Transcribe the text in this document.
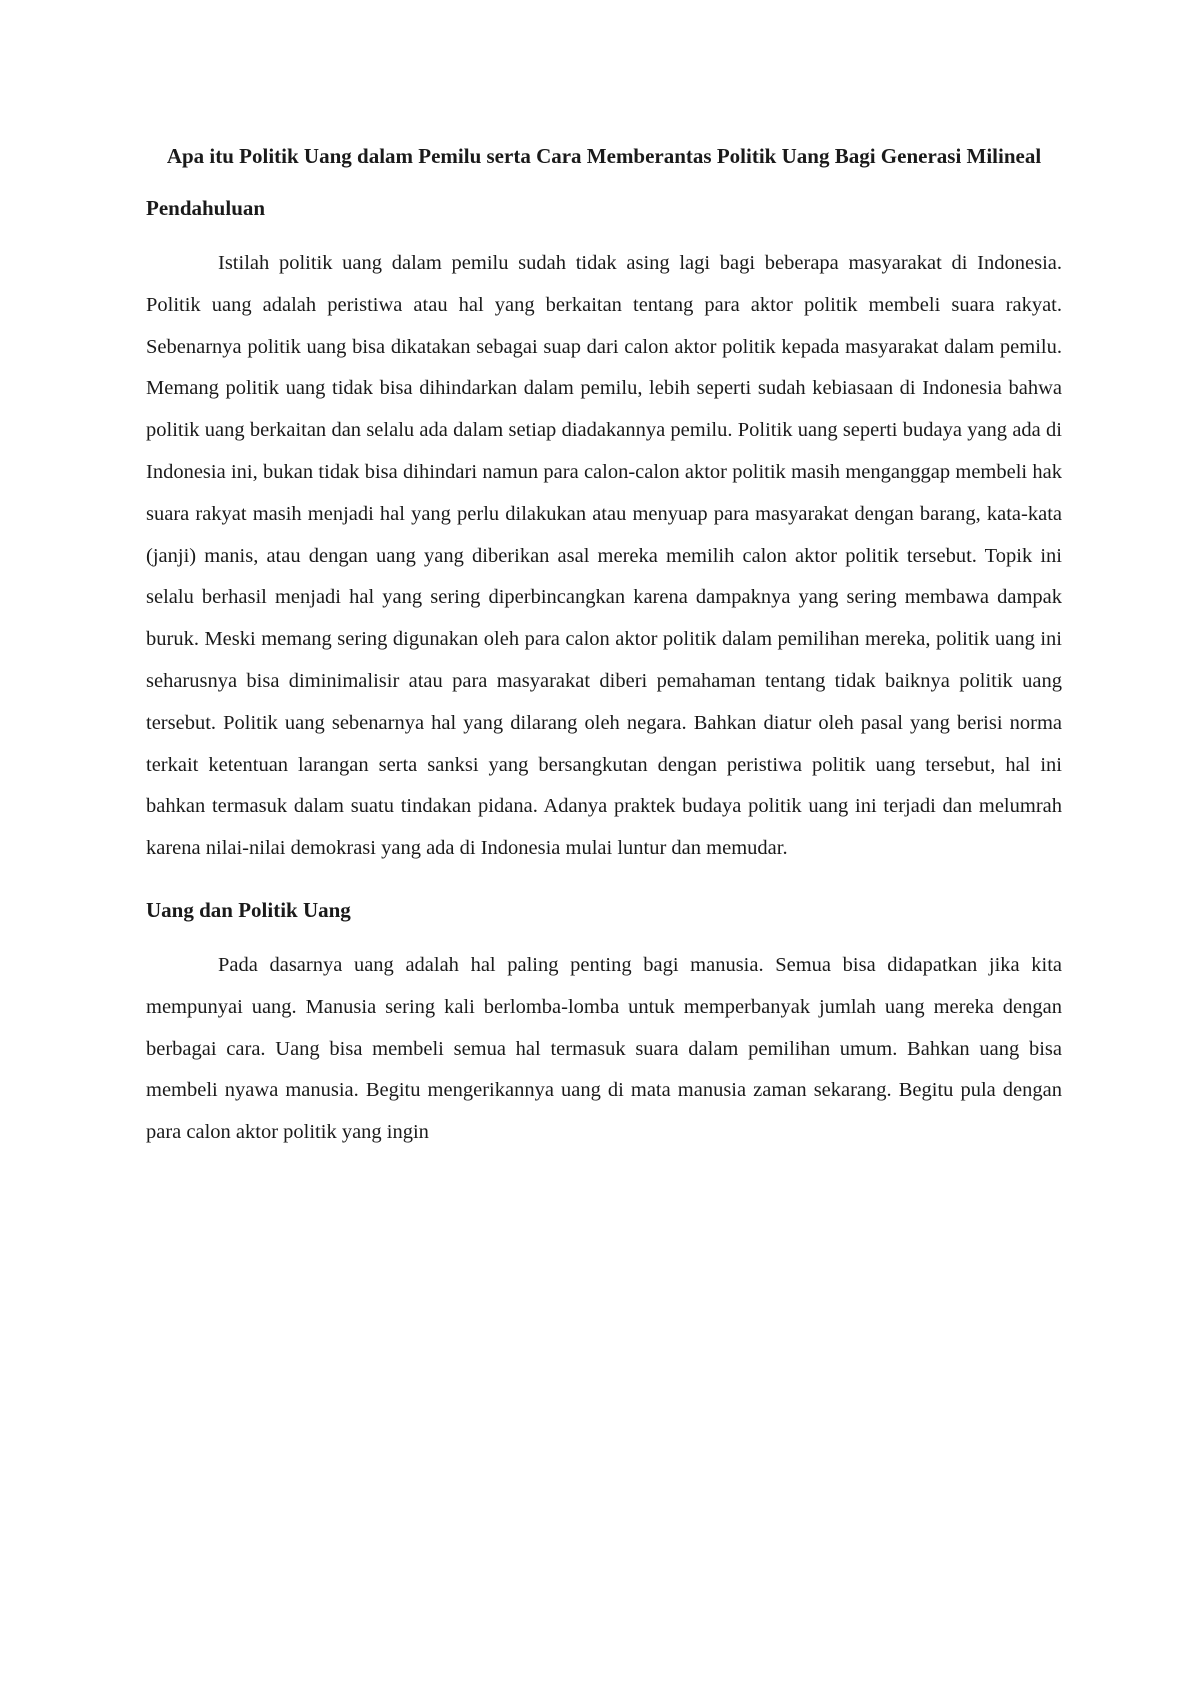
Apa itu Politik Uang dalam Pemilu serta Cara Memberantas Politik Uang Bagi Generasi Milineal
Pendahuluan

Istilah politik uang dalam pemilu sudah tidak asing lagi bagi beberapa masyarakat di Indonesia. Politik uang adalah peristiwa atau hal yang berkaitan tentang para aktor politik membeli suara rakyat. Sebenarnya politik uang bisa dikatakan sebagai suap dari calon aktor politik kepada masyarakat dalam pemilu. Memang politik uang tidak bisa dihindarkan dalam pemilu, lebih seperti sudah kebiasaan di Indonesia bahwa politik uang berkaitan dan selalu ada dalam setiap diadakannya pemilu. Politik uang seperti budaya yang ada di Indonesia ini, bukan tidak bisa dihindari namun para calon-calon aktor politik masih menganggap membeli hak suara rakyat masih menjadi hal yang perlu dilakukan atau menyuap para masyarakat dengan barang, kata-kata (janji) manis, atau dengan uang yang diberikan asal mereka memilih calon aktor politik tersebut. Topik ini selalu berhasil menjadi hal yang sering diperbincangkan karena dampaknya yang sering membawa dampak buruk. Meski memang sering digunakan oleh para calon aktor politik dalam pemilihan mereka, politik uang ini seharusnya bisa diminimalisir atau para masyarakat diberi pemahaman tentang tidak baiknya politik uang tersebut. Politik uang sebenarnya hal yang dilarang oleh negara. Bahkan diatur oleh pasal yang berisi norma terkait ketentuan larangan serta sanksi yang bersangkutan dengan peristiwa politik uang tersebut, hal ini bahkan termasuk dalam suatu tindakan pidana. Adanya praktek budaya politik uang ini terjadi dan melumrah karena nilai-nilai demokrasi yang ada di Indonesia mulai luntur dan memudar.

Uang dan Politik Uang

Pada dasarnya uang adalah hal paling penting bagi manusia. Semua bisa didapatkan jika kita mempunyai uang. Manusia sering kali berlomba-lomba untuk memperbanyak jumlah uang mereka dengan berbagai cara. Uang bisa membeli semua hal termasuk suara dalam pemilihan umum. Bahkan uang bisa membeli nyawa manusia. Begitu mengerikannya uang di mata manusia zaman sekarang. Begitu pula dengan para calon aktor politik yang ingin
